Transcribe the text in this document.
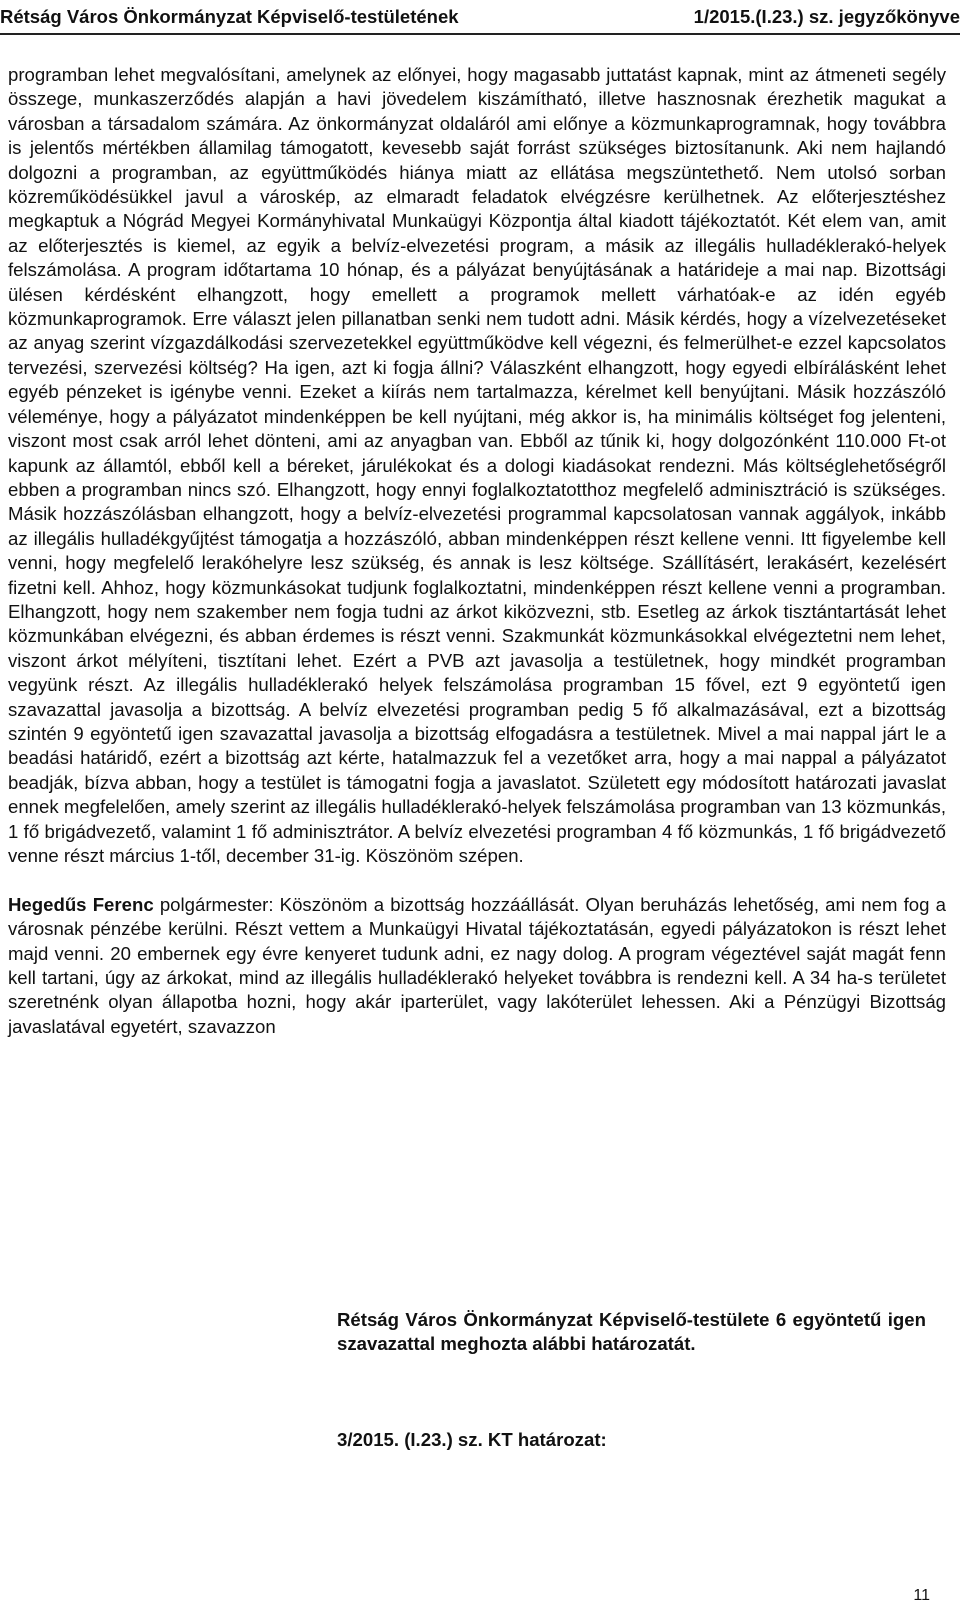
Rétság Város Önkormányzat Képviselő-testületének	1/2015.(I.23.) sz. jegyzőkönyve

programban lehet megvalósítani, amelynek az előnyei, hogy magasabb juttatást kapnak, mint az átmeneti segély összege, munkaszerződés alapján a havi jövedelem kiszámítható, illetve hasznosnak érezhetik magukat a városban a társadalom számára. Az önkormányzat oldaláról ami előnye a közmunkaprogramnak, hogy továbbra is jelentős mértékben államilag támogatott, kevesebb saját forrást szükséges biztosítanunk. Aki nem hajlandó dolgozni a programban, az együttműködés hiánya miatt az ellátása megszüntethető. Nem utolsó sorban közreműködésükkel javul a városkép, az elmaradt feladatok elvégzésre kerülhetnek. Az előterjesztéshez megkaptuk a Nógrád Megyei Kormányhivatal Munkaügyi Központja által kiadott tájékoztatót. Két elem van, amit az előterjesztés is kiemel, az egyik a belvíz-elvezetési program, a másik az illegális hulladéklerakó-helyek felszámolása. A program időtartama 10 hónap, és a pályázat benyújtásának a határideje a mai nap. Bizottsági ülésen kérdésként elhangzott, hogy emellett a programok mellett várhatóak-e az idén egyéb közmunkaprogramok. Erre választ jelen pillanatban senki nem tudott adni. Másik kérdés, hogy a vízelvezetéseket az anyag szerint vízgazdálkodási szervezetekkel együttműködve kell végezni, és felmerülhet-e ezzel kapcsolatos tervezési, szervezési költség? Ha igen, azt ki fogja állni? Válaszként elhangzott, hogy egyedi elbírálásként lehet egyéb pénzeket is igénybe venni. Ezeket a kiírás nem tartalmazza, kérelmet kell benyújtani. Másik hozzászóló véleménye, hogy a pályázatot mindenképpen be kell nyújtani, még akkor is, ha minimális költséget fog jelenteni, viszont most csak arról lehet dönteni, ami az anyagban van. Ebből az tűnik ki, hogy dolgozónként 110.000 Ft-ot kapunk az államtól, ebből kell a béreket, járulékokat és a dologi kiadásokat rendezni. Más költséglehetőségről ebben a programban nincs szó. Elhangzott, hogy ennyi foglalkoztatotthoz megfelelő adminisztráció is szükséges. Másik hozzászólásban elhangzott, hogy a belvíz-elvezetési programmal kapcsolatosan vannak aggályok, inkább az illegális hulladékgyűjtést támogatja a hozzászóló, abban mindenképpen részt kellene venni. Itt figyelembe kell venni, hogy megfelelő lerakóhelyre lesz szükség, és annak is lesz költsége. Szállításért, lerakásért, kezelésért fizetni kell. Ahhoz, hogy közmunkásokat tudjunk foglalkoztatni, mindenképpen részt kellene venni a programban. Elhangzott, hogy nem szakember nem fogja tudni az árkot kiközvezni, stb. Esetleg az árkok tisztántartását lehet közmunkában elvégezni, és abban érdemes is részt venni. Szakmunkát közmunkásokkal elvégeztetni nem lehet, viszont árkot mélyíteni, tisztítani lehet. Ezért a PVB azt javasolja a testületnek, hogy mindkét programban vegyünk részt. Az illegális hulladéklerakó helyek felszámolása programban 15 fővel, ezt 9 egyöntetű igen szavazattal javasolja a bizottság. A belvíz elvezetési programban pedig 5 fő alkalmazásával, ezt a bizottság szintén 9 egyöntetű igen szavazattal javasolja a bizottság elfogadásra a testületnek. Mivel a mai nappal járt le a beadási határidő, ezért a bizottság azt kérte, hatalmazzuk fel a vezetőket arra, hogy a mai nappal a pályázatot beadják, bízva abban, hogy a testület is támogatni fogja a javaslatot. Született egy módosított határozati javaslat ennek megfelelően, amely szerint az illegális hulladéklerakó-helyek felszámolása programban van 13 közmunkás, 1 fő brigádvezető, valamint 1 fő adminisztrátor. A belvíz elvezetési programban 4 fő közmunkás, 1 fő brigádvezető venne részt március 1-től, december 31-ig. Köszönöm szépen.

Hegedűs Ferenc polgármester: Köszönöm a bizottság hozzáállását. Olyan beruházás lehetőség, ami nem fog a városnak pénzébe kerülni. Részt vettem a Munkaügyi Hivatal tájékoztatásán, egyedi pályázatokon is részt lehet majd venni. 20 embernek egy évre kenyeret tudunk adni, ez nagy dolog. A program végeztével saját magát fenn kell tartani, úgy az árkokat, mind az illegális hulladéklerakó helyeket továbbra is rendezni kell. A 34 ha-s területet szeretnénk olyan állapotba hozni, hogy akár iparterület, vagy lakóterület lehessen. Aki a Pénzügyi Bizottság javaslatával egyetért, szavazzon

Rétság Város Önkormányzat Képviselő-testülete 6 egyöntetű igen szavazattal meghozta alábbi határozatát.
3/2015. (I.23.) sz. KT határozat:
11
